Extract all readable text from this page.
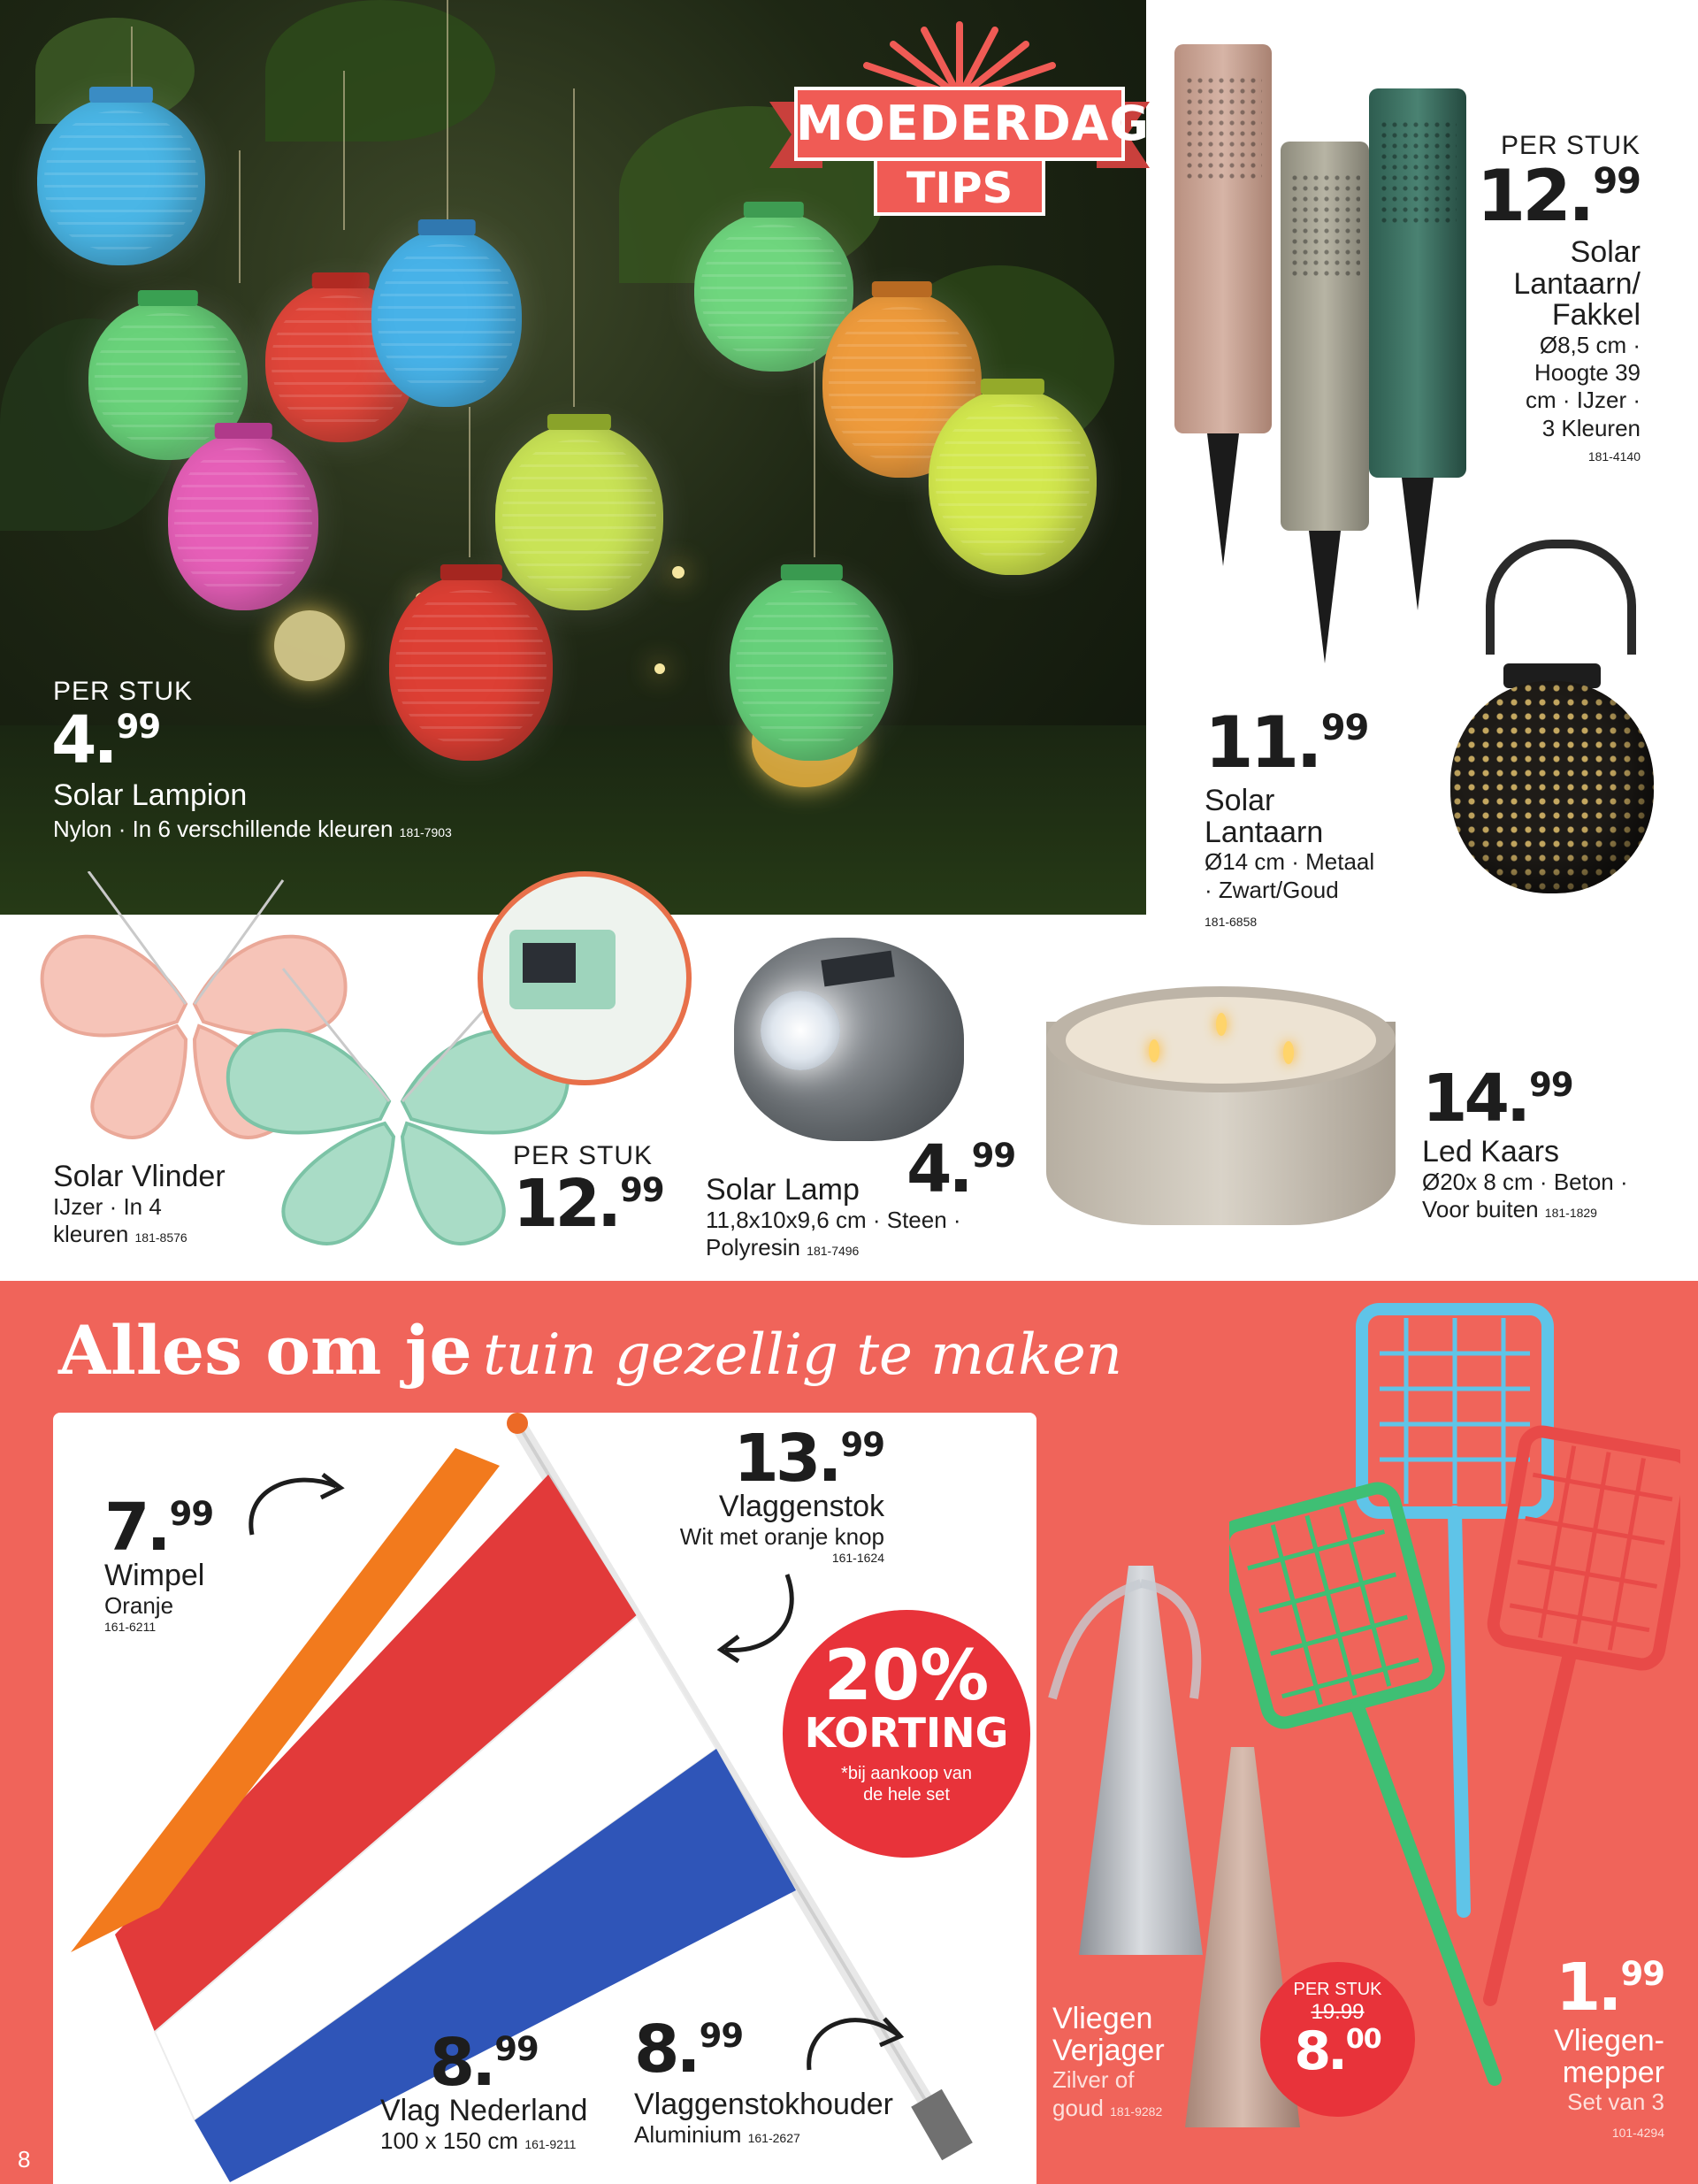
PER STUK
4.99
Solar Lampion
Nylon · In 6 verschillende kleuren 181-7903
MOEDERDAG
TIPS
PER STUK
12.99
Solar
Lantaarn/
Fakkel
Ø8,5 cm ·
Hoogte 39
cm · IJzer ·
3 Kleuren
181-4140
11.99
Solar
Lantaarn
Ø14 cm · Metaal
· Zwart/Goud
181-6858
Solar Vlinder
IJzer · In 4
kleuren 181-8576
PER STUK
12.99 Solar Lamp
11,8x10x9,6 cm · Steen ·
Polyresin 181-7496
4.99
14.99
Led Kaars
Ø20x 8 cm · Beton ·
Voor buiten 181-1829
Alles om je tuin gezellig te maken
7.99
Wimpel
Oranje
161-6211
13.99
Vlaggenstok
Wit met oranje knop
161-1624
20%
KORTING
*bij aankoop van
de hele set
8.99
Vlag Nederland
100 x 150 cm 161-9211
8.99
Vlaggenstokhouder
Aluminium 161-2627
Vliegen
Verjager
Zilver of
goud 181-9282
PER STUK
19.99
8.00
1.99
Vliegen-
mepper
Set van 3
101-4294
8
